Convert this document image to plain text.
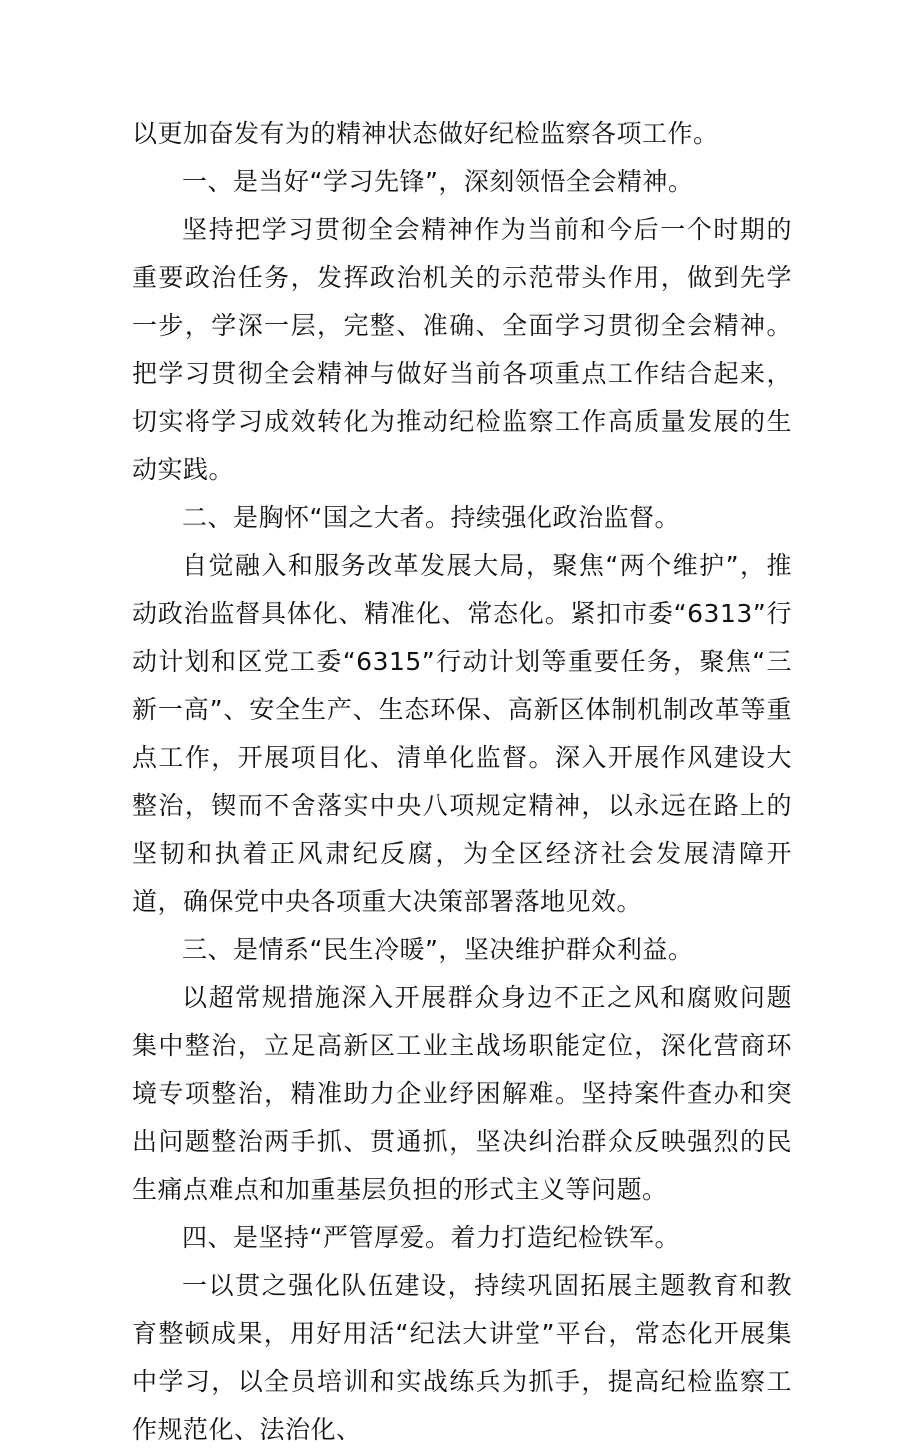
以更加奋发有为的精神状态做好纪检监察各项工作。

一、是当好“学习先锋”，深刻领悟全会精神。

坚持把学习贯彻全会精神作为当前和今后一个时期的重要政治任务，发挥政治机关的示范带头作用，做到先学一步，学深一层，完整、准确、全面学习贯彻全会精神。把学习贯彻全会精神与做好当前各项重点工作结合起来，切实将学习成效转化为推动纪检监察工作高质量发展的生动实践。

二、是胸怀“国之大者。持续强化政治监督。

自觉融入和服务改革发展大局，聚焦“两个维护”，推动政治监督具体化、精准化、常态化。紧扣市委“6313”行动计划和区党工委“6315”行动计划等重要任务，聚焦“三新一高”、安全生产、生态环保、高新区体制机制改革等重点工作，开展项目化、清单化监督。深入开展作风建设大整治，锲而不舍落实中央八项规定精神，以永远在路上的坚韧和执着正风肃纪反腐，为全区经济社会发展清障开道，确保党中央各项重大决策部署落地见效。

三、是情系“民生冷暖”，坚决维护群众利益。

以超常规措施深入开展群众身边不正之风和腐败问题集中整治，立足高新区工业主战场职能定位，深化营商环境专项整治，精准助力企业纾困解难。坚持案件查办和突出问题整治两手抓、贯通抓，坚决纠治群众反映强烈的民生痛点难点和加重基层负担的形式主义等问题。

四、是坚持“严管厚爱。着力打造纪检铁军。

一以贯之强化队伍建设，持续巩固拓展主题教育和教育整顿成果，用好用活“纪法大讲堂”平台，常态化开展集中学习，以全员培训和实战练兵为抓手，提高纪检监察工作规范化、法治化、
